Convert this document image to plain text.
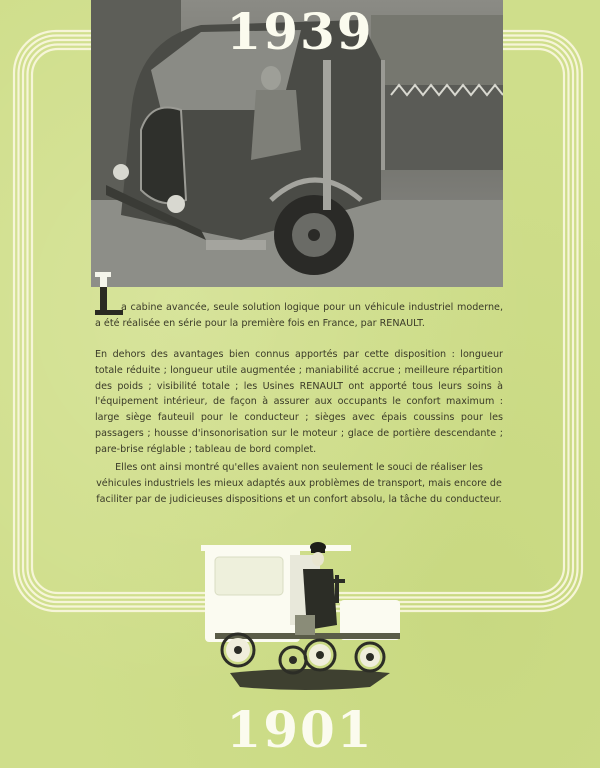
1939
a cabine avancée, seule solution logique pour un véhicule industriel moderne, a été réalisée en série pour la première fois en France, par RENAULT.
En dehors des avantages bien connus apportés par cette disposition : longueur totale réduite ; longueur utile augmentée ; maniabilité accrue ; meilleure répartition des poids ; visibilité totale ; les Usines RENAULT ont apporté tous leurs soins à l'équipement intérieur, de façon à assurer aux occupants le confort maximum : large siège fauteuil pour le conducteur ; sièges avec épais coussins pour les passagers ; housse d'insonorisation sur le moteur ; glace de portière descendante ; pare-brise réglable ; tableau de bord complet.
Elles ont ainsi montré qu'elles avaient non seulement le souci de réaliser les véhicules industriels les mieux adaptés aux problèmes de transport, mais encore de faciliter par de judicieuses dispositions et un confort absolu, la tâche du conducteur.
1901
